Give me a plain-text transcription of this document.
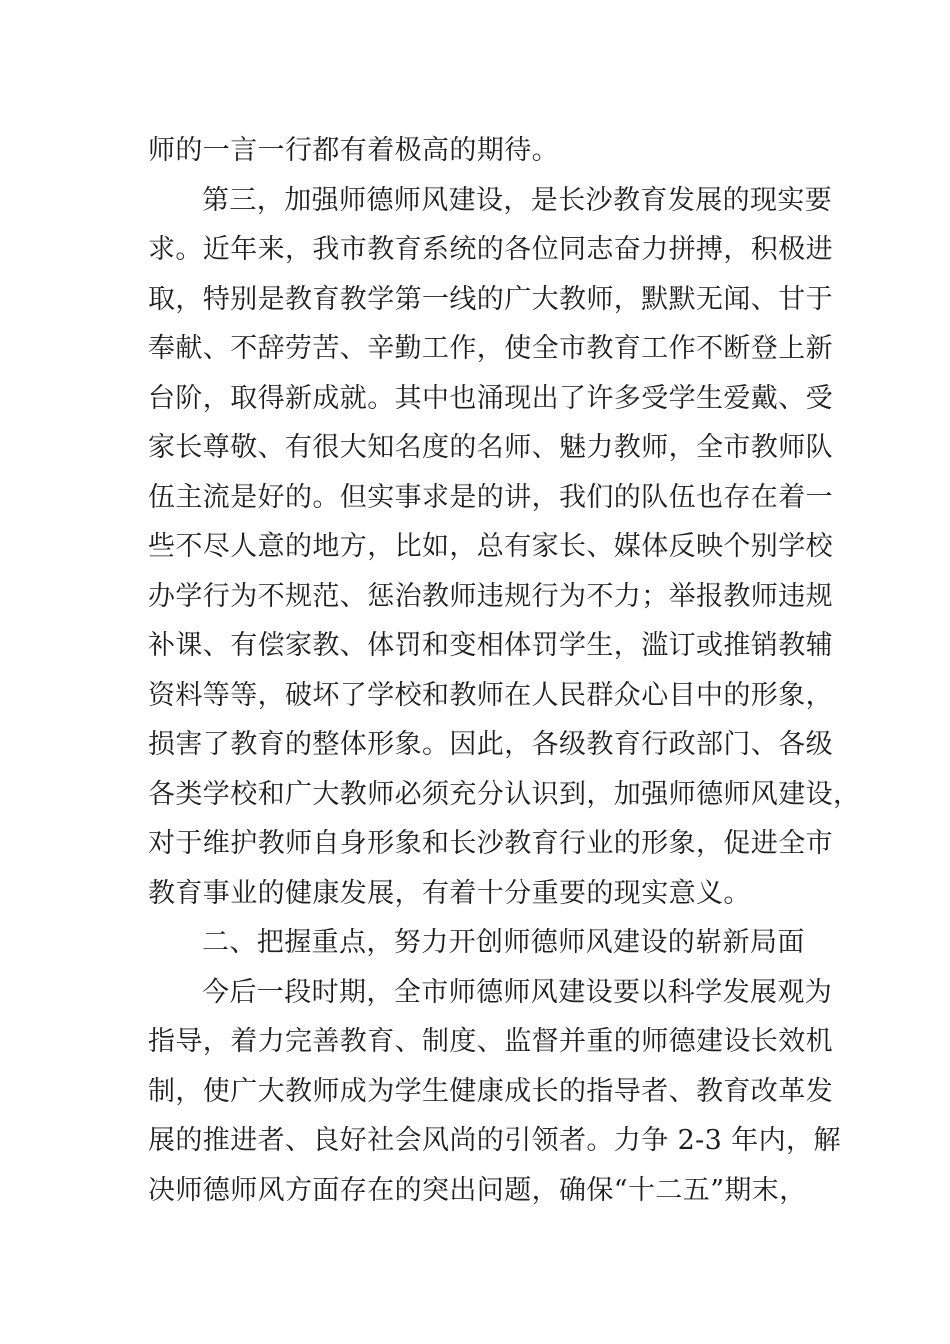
师的一言一行都有着极高的期待。
第三，加强师德师风建设，是长沙教育发展的现实要
求。近年来，我市教育系统的各位同志奋力拼搏，积极进
取，特别是教育教学第一线的广大教师，默默无闻、甘于
奉献、不辞劳苦、辛勤工作，使全市教育工作不断登上新
台阶，取得新成就。其中也涌现出了许多受学生爱戴、受
家长尊敬、有很大知名度的名师、魅力教师，全市教师队
伍主流是好的。但实事求是的讲，我们的队伍也存在着一
些不尽人意的地方，比如，总有家长、媒体反映个别学校
办学行为不规范、惩治教师违规行为不力；举报教师违规
补课、有偿家教、体罚和变相体罚学生，滥订或推销教辅
资料等等，破坏了学校和教师在人民群众心目中的形象，
损害了教育的整体形象。因此，各级教育行政部门、各级
各类学校和广大教师必须充分认识到，加强师德师风建设，
对于维护教师自身形象和长沙教育行业的形象，促进全市
教育事业的健康发展，有着十分重要的现实意义。
二、把握重点，努力开创师德师风建设的崭新局面
今后一段时期，全市师德师风建设要以科学发展观为
指导，着力完善教育、制度、监督并重的师德建设长效机
制，使广大教师成为学生健康成长的指导者、教育改革发
展的推进者、良好社会风尚的引领者。力争 2-3 年内，解
决师德师风方面存在的突出问题，确保“十二五”期末，
